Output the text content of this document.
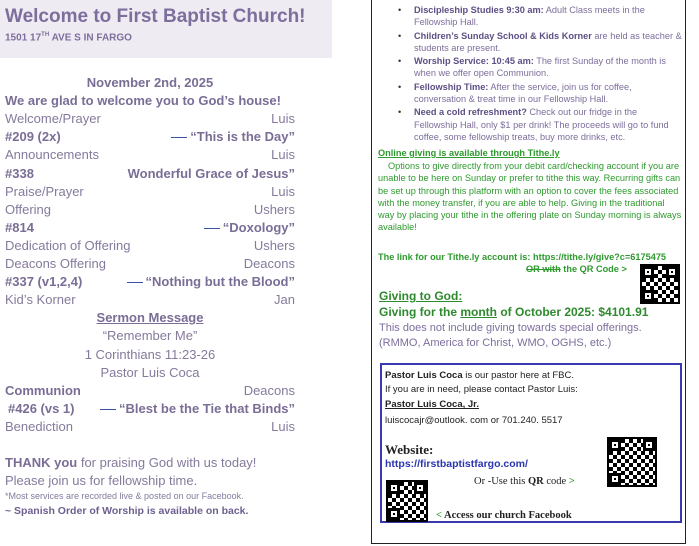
Welcome to First Baptist Church!
1501 17TH AVE S IN FARGO
November 2nd, 2025
We are glad to welcome you to God’s house!
Welcome/Prayer	Luis
#209 (2x)	“This is the Day”
Announcements	Luis
#338	Wonderful Grace of Jesus”
Praise/Prayer	Luis
Offering	Ushers
#814	“Doxology”
Dedication of Offering	Ushers
Deacons Offering	Deacons
#337 (v1,2,4)	“Nothing but the Blood”
Kid’s Korner	Jan
Sermon Message
“Remember Me”
1 Corinthians 11:23-26
Pastor Luis Coca
Communion	Deacons
#426 (vs 1)	“Blest be the Tie that Binds”
Benediction	Luis
THANK you for praising God with us today!
Please join us for fellowship time.
*Most services are recorded live & posted on our Facebook.
~ Spanish Order of Worship is available on back.
• Discipleship Studies 9:30 am: Adult Class meets in the Fellowship Hall.
• Children’s Sunday School & Kids Korner are held as teacher & students are present.
• Worship Service: 10:45 am: The first Sunday of the month is when we offer open Communion.
• Fellowship Time: After the service, join us for coffee, conversation & treat time in our Fellowship Hall.
• Need a cold refreshment? Check out our fridge in the Fellowship Hall, only $1 per drink! The proceeds will go to fund coffee, some fellowship treats, buy more drinks, etc.
Online giving is available through Tithe.ly
Options to give directly from your debit card/checking account if you are unable to be here on Sunday or prefer to tithe this way. Recurring gifts can be set up through this platform with an option to cover the fees associated with the money transfer, if you are able to help. Giving in the traditional way by placing your tithe in the offering plate on Sunday morning is always available!
The link for our Tithe.ly account is: https://tithe.ly/give?c=6175475
OR with the QR Code >
Giving to God:
Giving for the month of October 2025: $4101.91
This does not include giving towards special offerings. (RMMO, America for Christ, WMO, OGHS, etc.)
Pastor Luis Coca is our pastor here at FBC.
If you are in need, please contact Pastor Luis:
Pastor Luis Coca, Jr.
luiscocajr@outlook. com or 701.240. 5517
Website:
https://firstbaptistfargo.com/
Or -Use this QR code >
< Access our church Facebook
